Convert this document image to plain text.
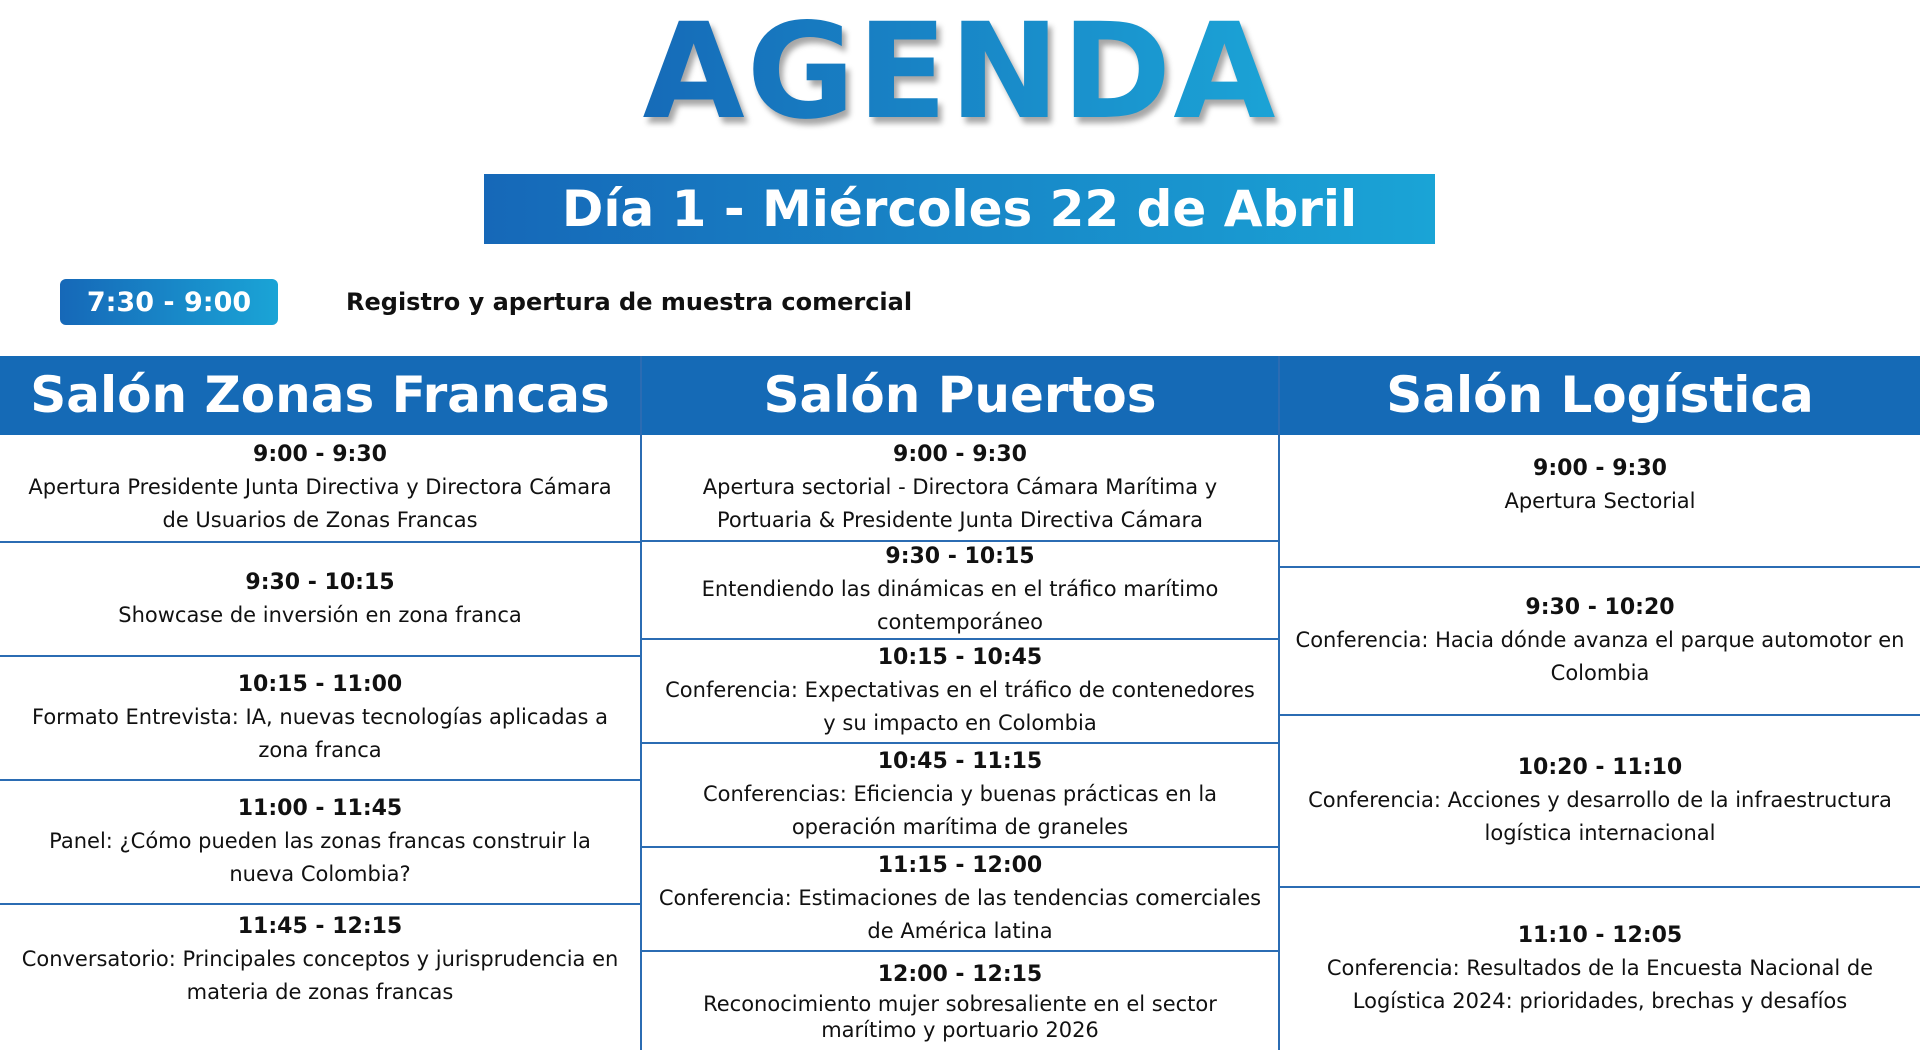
AGENDA
Día 1 - Miércoles 22 de Abril
7:30 - 9:00	Registro y apertura de muestra comercial
Salón Zonas Francas
9:00 - 9:30
Apertura Presidente Junta Directiva y Directora Cámara de Usuarios de Zonas Francas
9:30 - 10:15
Showcase de inversión en zona franca
10:15 - 11:00
Formato Entrevista: IA, nuevas tecnologías aplicadas a zona franca
11:00 - 11:45
Panel: ¿Cómo pueden las zonas francas construir la nueva Colombia?
11:45 - 12:15
Conversatorio: Principales conceptos y jurisprudencia en materia de zonas francas
Salón Puertos
9:00 - 9:30
Apertura sectorial - Directora Cámara Marítima y Portuaria & Presidente Junta Directiva Cámara
9:30 - 10:15
Entendiendo las dinámicas en el tráfico marítimo contemporáneo
10:15 - 10:45
Conferencia: Expectativas en el tráfico de contenedores y su impacto en Colombia
10:45 - 11:15
Conferencias: Eficiencia y buenas prácticas en la operación marítima de graneles
11:15 - 12:00
Conferencia: Estimaciones de las tendencias comerciales de América latina
12:00 - 12:15
Reconocimiento mujer sobresaliente en el sector marítimo y portuario 2026
Salón Logística
9:00 - 9:30
Apertura Sectorial
9:30 - 10:20
Conferencia: Hacia dónde avanza el parque automotor en Colombia
10:20 - 11:10
Conferencia: Acciones y desarrollo de la infraestructura logística internacional
11:10 - 12:05
Conferencia: Resultados de la Encuesta Nacional de Logística 2024: prioridades, brechas y desafíos
